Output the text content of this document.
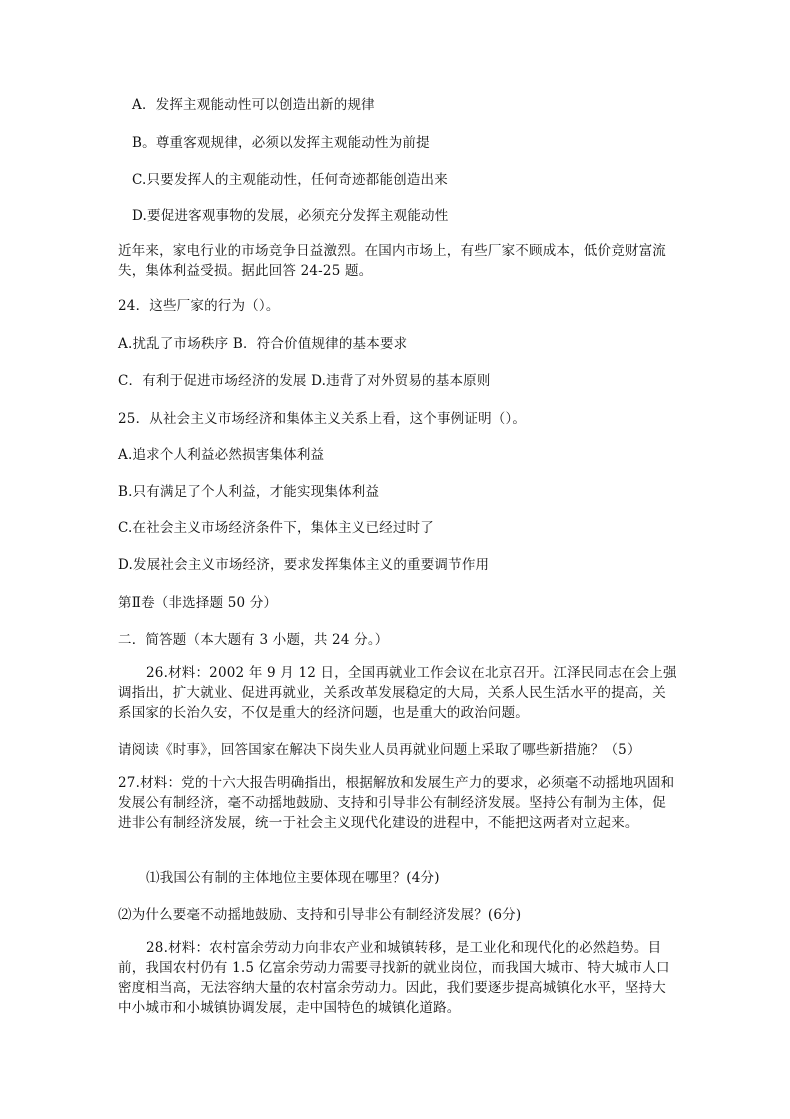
A．发挥主观能动性可以创造出新的规律
B。尊重客观规律，必须以发挥主观能动性为前提
C.只要发挥人的主观能动性，任何奇迹都能创造出来
D.要促进客观事物的发展，必须充分发挥主观能动性
近年来，家电行业的市场竞争日益激烈。在国内市场上，有些厂家不顾成本，低价竞财富流失，集体利益受损。据此回答 24-25 题。
24．这些厂家的行为（）。
A.扰乱了市场秩序 B．符合价值规律的基本要求
C．有利于促进市场经济的发展 D.违背了对外贸易的基本原则
25．从社会主义市场经济和集体主义关系上看，这个事例证明（）。
A.追求个人利益必然损害集体利益
B.只有满足了个人利益，才能实现集体利益
C.在社会主义市场经济条件下，集体主义已经过时了
D.发展社会主义市场经济，要求发挥集体主义的重要调节作用
第Ⅱ卷（非选择题 50 分）
二．简答题（本大题有 3 小题，共 24 分。）
26.材料：2002 年 9 月 12 日，全国再就业工作会议在北京召开。江泽民同志在会上强调指出，扩大就业、促进再就业，关系改革发展稳定的大局，关系人民生活水平的提高，关系国家的长治久安，不仅是重大的经济问题，也是重大的政治问题。
请阅读《时事》，回答国家在解决下岗失业人员再就业问题上采取了哪些新措施？（5）
27.材料：党的十六大报告明确指出，根据解放和发展生产力的要求，必须毫不动摇地巩固和发展公有制经济，毫不动摇地鼓励、支持和引导非公有制经济发展。坚持公有制为主体，促进非公有制经济发展，统一于社会主义现代化建设的进程中，不能把这两者对立起来。
⑴我国公有制的主体地位主要体现在哪里？(4分)
⑵为什么要毫不动摇地鼓励、支持和引导非公有制经济发展？(6分)
28.材料：农村富余劳动力向非农产业和城镇转移，是工业化和现代化的必然趋势。目前，我国农村仍有 1.5 亿富余劳动力需要寻找新的就业岗位，而我国大城市、特大城市人口密度相当高，无法容纳大量的农村富余劳动力。因此，我们要逐步提高城镇化水平，坚持大中小城市和小城镇协调发展，走中国特色的城镇化道路。
